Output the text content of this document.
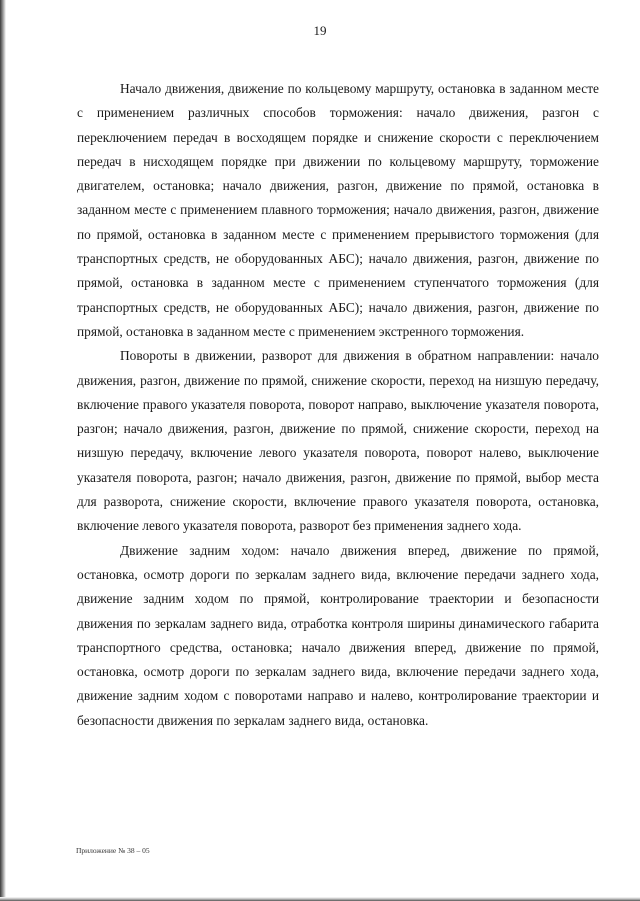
19

Начало движения, движение по кольцевому маршруту, остановка в заданном месте с применением различных способов торможения: начало движения, разгон с переключением передач в восходящем порядке и снижение скорости с переключением передач в нисходящем порядке при движении по кольцевому маршруту, торможение двигателем, остановка; начало движения, разгон, движение по прямой, остановка в заданном месте с применением плавного торможения; начало движения, разгон, движение по прямой, остановка в заданном месте с применением прерывистого торможения (для транспортных средств, не оборудованных АБС); начало движения, разгон, движение по прямой, остановка в заданном месте с применением ступенчатого торможения (для транспортных средств, не оборудованных АБС); начало движения, разгон, движение по прямой, остановка в заданном месте с применением экстренного торможения.

Повороты в движении, разворот для движения в обратном направлении: начало движения, разгон, движение по прямой, снижение скорости, переход на низшую передачу, включение правого указателя поворота, поворот направо, выключение указателя поворота, разгон; начало движения, разгон, движение по прямой, снижение скорости, переход на низшую передачу, включение левого указателя поворота, поворот налево, выключение указателя поворота, разгон; начало движения, разгон, движение по прямой, выбор места для разворота, снижение скорости, включение правого указателя поворота, остановка, включение левого указателя поворота, разворот без применения заднего хода.

Движение задним ходом: начало движения вперед, движение по прямой, остановка, осмотр дороги по зеркалам заднего вида, включение передачи заднего хода, движение задним ходом по прямой, контролирование траектории и безопасности движения по зеркалам заднего вида, отработка контроля ширины динамического габарита транспортного средства, остановка; начало движения вперед, движение по прямой, остановка, осмотр дороги по зеркалам заднего вида, включение передачи заднего хода, движение задним ходом с поворотами направо и налево, контролирование траектории и безопасности движения по зеркалам заднего вида, остановка.

Приложение № 38 – 05
